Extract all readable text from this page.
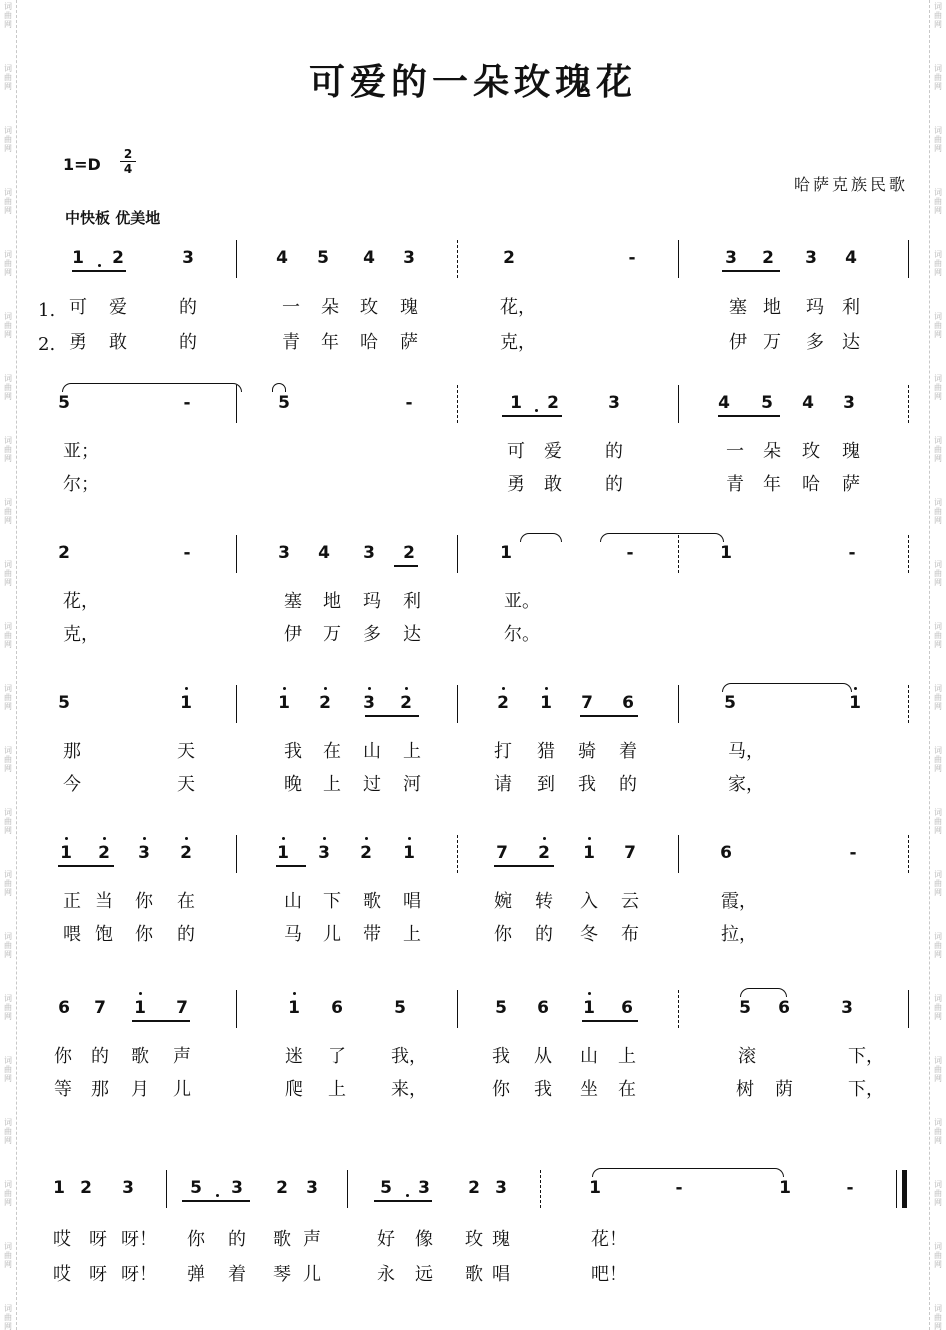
词
曲
网
词
曲
网
词
曲
网
词
曲
网
词
曲
网
词
曲
网
词
曲
网
词
曲
网
词
曲
网
词
曲
网
词
曲
网
词
曲
网
词
曲
网
词
曲
网
词
曲
网
词
曲
网
词
曲
网
词
曲
网
词
曲
网
词
曲
网
词
曲
网
词
曲
网
词
曲
网
词
曲
网
词
曲
网
词
曲
网
词
曲
网
词
曲
网
词
曲
网
词
曲
网
词
曲
网
词
曲
网
词
曲
网
词
曲
网
词
曲
网
词
曲
网
词
曲
网
词
曲
网
词
曲
网
词
曲
网
词
曲
网
词
曲
网
词
曲
网
词
曲
网
可爱的一朵玫瑰花
1=D
2
4
哈萨克族民歌
中快板 优美地
1 2	3	4 5 4 3	2	-	3 2 3 4
1.
2.
可 爱	的	一 朵 玫 瑰	花，	塞 地 玛 利
勇 敢	的	青 年 哈 萨	克，	伊 万 多 达
5	-	5	-	1 2	3	4 5 4 3
亚；	可 爱 的	一 朵 玫 瑰
尔；	勇 敢 的	青 年 哈 萨
2	-	3 4 3 2	1	-	1	-
花，	塞 地 玛 利	亚。
克，	伊 万 多 达	尔。
5	1	1 2 3 2	2 1 7 6	5	1
那	天	我 在 山 上	打 猎 骑 着	马，
今	天	晚 上 过 河	请 到 我 的	家，
1 2 3 2	1 3 2 1	7 2 1 7	6	-
正 当 你 在	山 下 歌 唱	婉 转 入 云	霞，
喂 饱 你 的	马 儿 带 上	你 的 冬 布	拉，
6 7 1 7	1 6	5	5 6 1 6	5 6	3
你 的 歌 声	迷 了	我，	我 从 山 上	滚	下，
等 那 月 儿	爬 上	来，	你 我 坐 在	树 荫	下，
1 2 3	5 3 2 3	5 3 2 3	1	-	1	-
哎 呀 呀！ 你 的 歌 声	好 像 玫 瑰	花！
哎 呀 呀！ 弹 着 琴 儿	永 远 歌 唱	吧！
